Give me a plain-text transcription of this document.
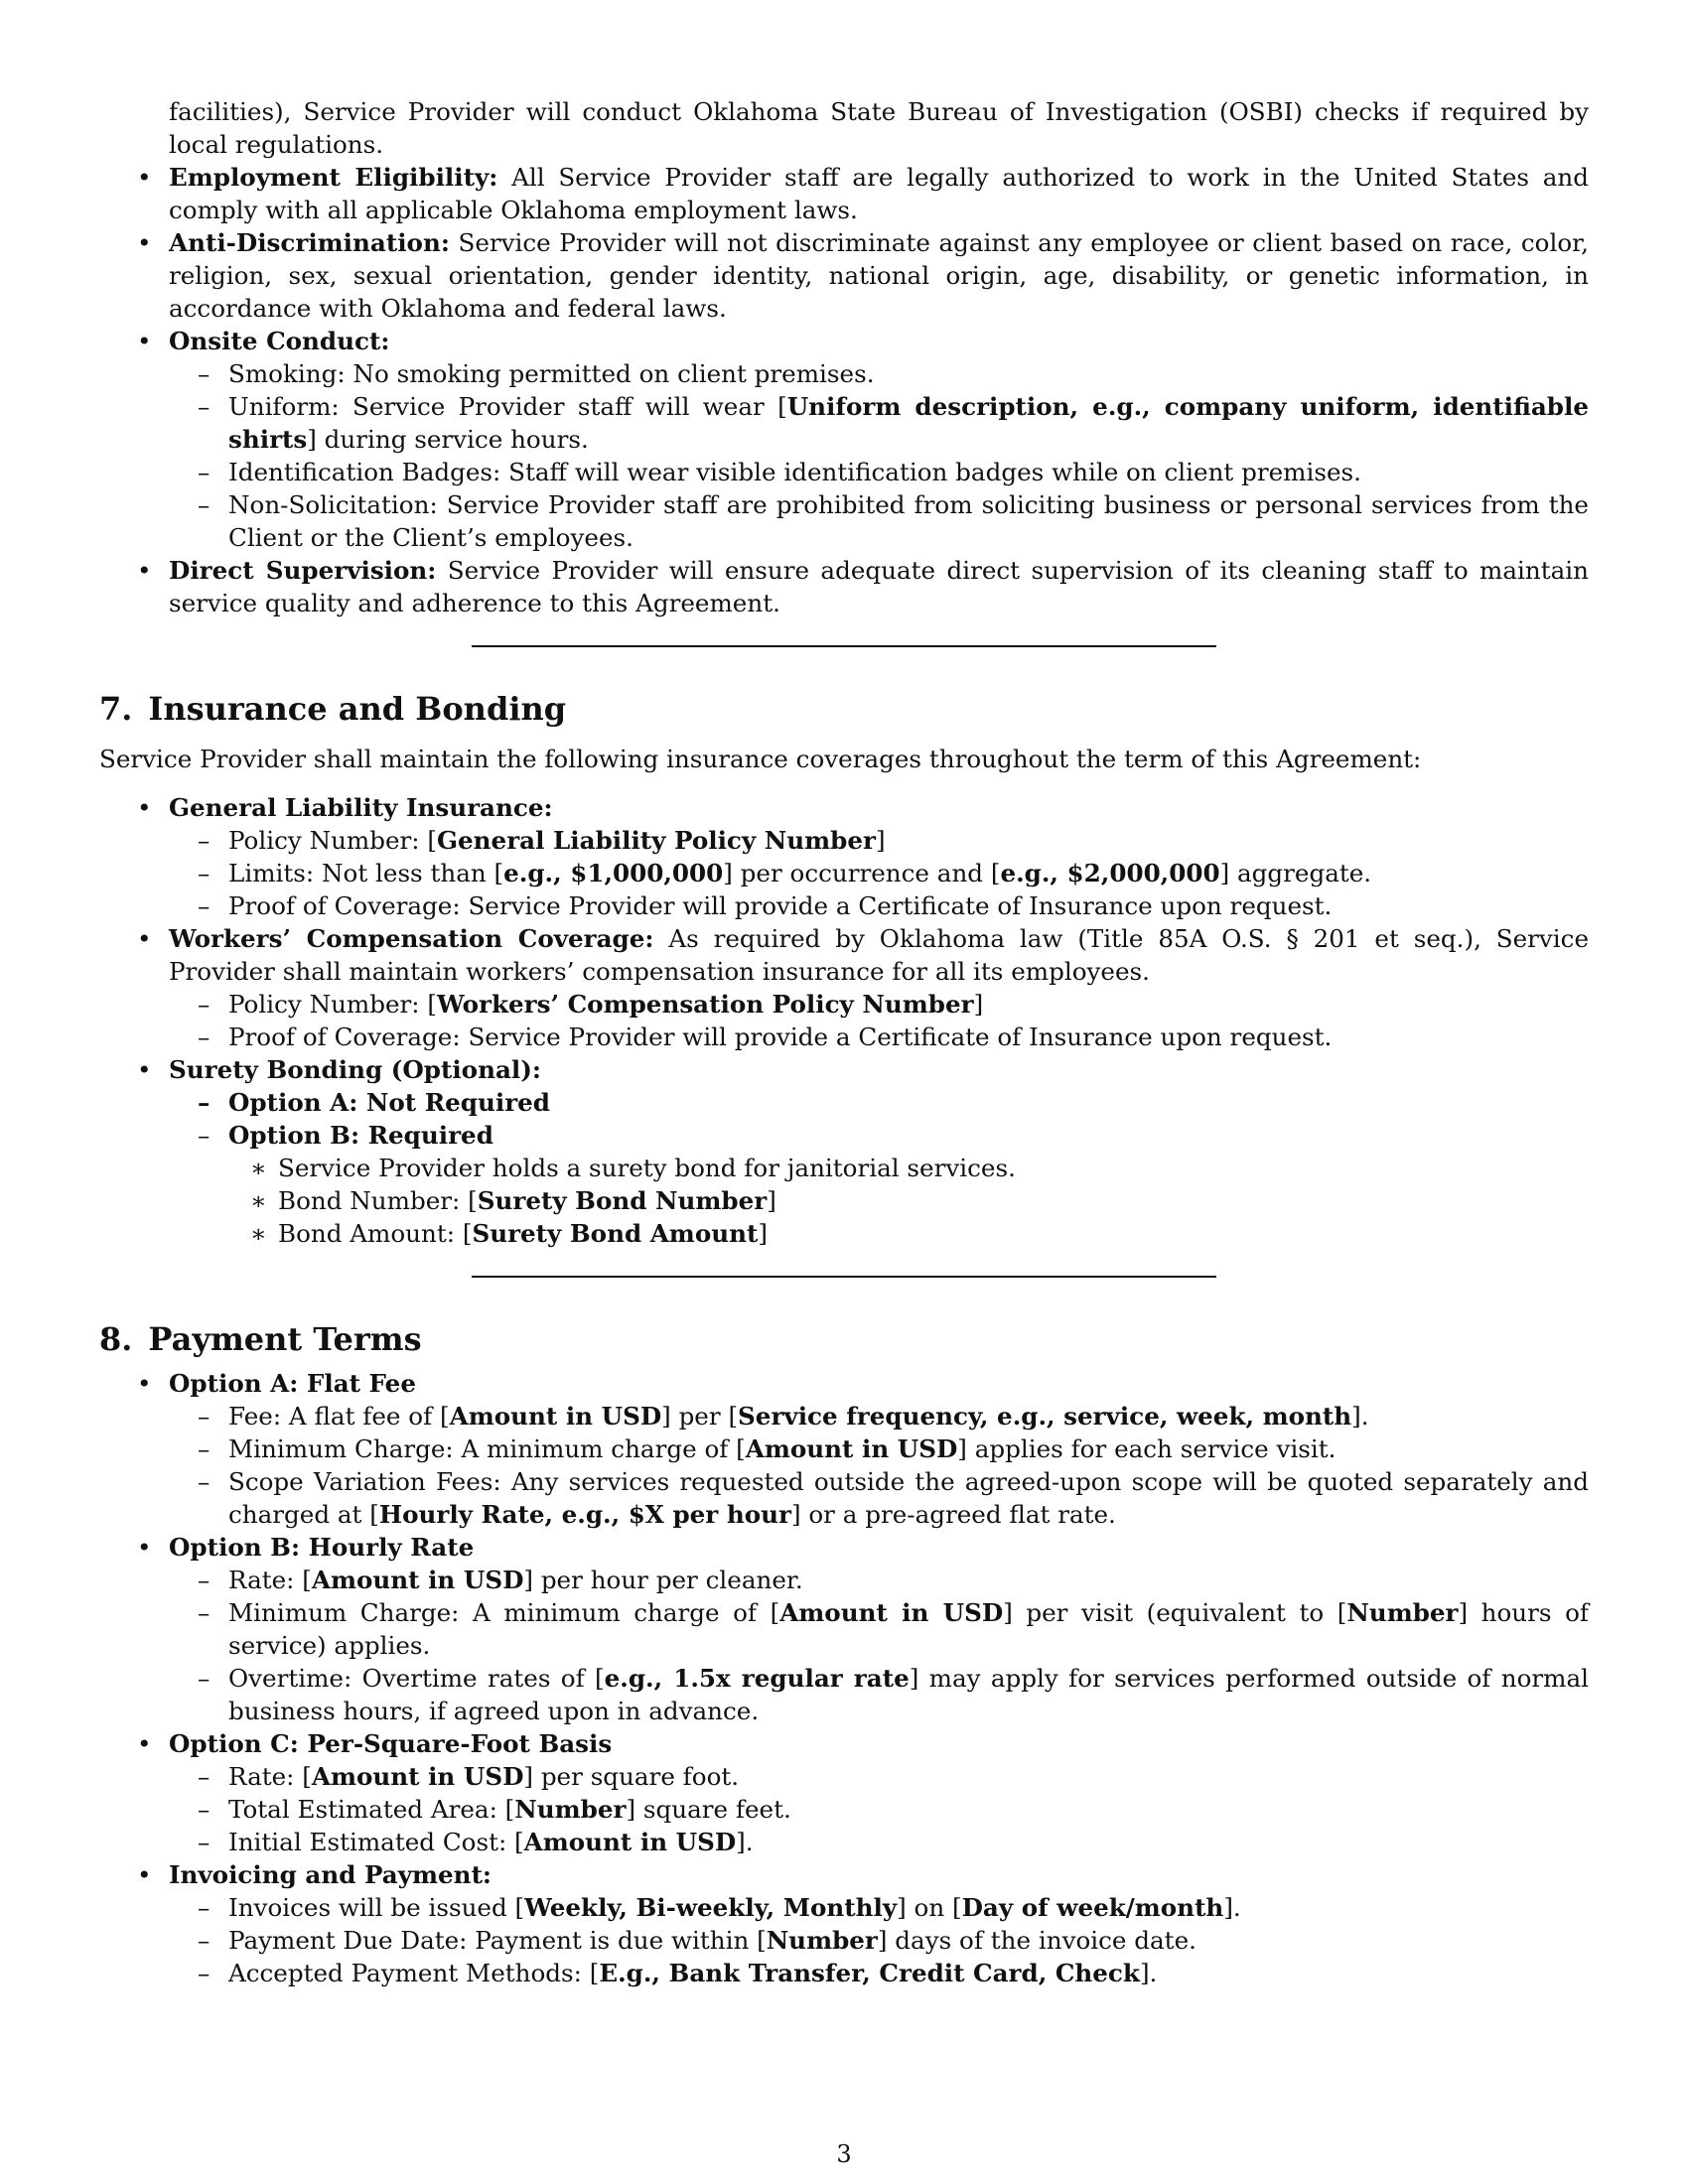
facilities), Service Provider will conduct Oklahoma State Bureau of Investigation (OSBI) checks if required by local regulations.

• Employment Eligibility: All Service Provider staff are legally authorized to work in the United States and comply with all applicable Oklahoma employment laws.
• Anti-Discrimination: Service Provider will not discriminate against any employee or client based on race, color, religion, sex, sexual orientation, gender identity, national origin, age, disability, or genetic information, in accordance with Oklahoma and federal laws.
• Onsite Conduct:
– Smoking: No smoking permitted on client premises.
– Uniform: Service Provider staff will wear [Uniform description, e.g., company uniform, identifiable shirts] during service hours.
– Identification Badges: Staff will wear visible identification badges while on client premises.
– Non-Solicitation: Service Provider staff are prohibited from soliciting business or personal services from the Client or the Client’s employees.
• Direct Supervision: Service Provider will ensure adequate direct supervision of its cleaning staff to maintain service quality and adherence to this Agreement.
7. Insurance and Bonding

Service Provider shall maintain the following insurance coverages throughout the term of this Agreement:

• General Liability Insurance:
– Policy Number: [General Liability Policy Number]
– Limits: Not less than [e.g., $1,000,000] per occurrence and [e.g., $2,000,000] aggregate.
– Proof of Coverage: Service Provider will provide a Certificate of Insurance upon request.
• Workers’ Compensation Coverage: As required by Oklahoma law (Title 85A O.S. § 201 et seq.), Service Provider shall maintain workers’ compensation insurance for all its employees.
– Policy Number: [Workers’ Compensation Policy Number]
– Proof of Coverage: Service Provider will provide a Certificate of Insurance upon request.
• Surety Bonding (Optional):
– Option A: Not Required
– Option B: Required
∗ Service Provider holds a surety bond for janitorial services.
∗ Bond Number: [Surety Bond Number]
∗ Bond Amount: [Surety Bond Amount]
8. Payment Terms
• Option A: Flat Fee
– Fee: A flat fee of [Amount in USD] per [Service frequency, e.g., service, week, month].
– Minimum Charge: A minimum charge of [Amount in USD] applies for each service visit.
– Scope Variation Fees: Any services requested outside the agreed-upon scope will be quoted separately and charged at [Hourly Rate, e.g., $X per hour] or a pre-agreed flat rate.
• Option B: Hourly Rate
– Rate: [Amount in USD] per hour per cleaner.
– Minimum Charge: A minimum charge of [Amount in USD] per visit (equivalent to [Number] hours of service) applies.
– Overtime: Overtime rates of [e.g., 1.5x regular rate] may apply for services performed outside of normal business hours, if agreed upon in advance.
• Option C: Per-Square-Foot Basis
– Rate: [Amount in USD] per square foot.
– Total Estimated Area: [Number] square feet.
– Initial Estimated Cost: [Amount in USD].
• Invoicing and Payment:
– Invoices will be issued [Weekly, Bi-weekly, Monthly] on [Day of week/month].
– Payment Due Date: Payment is due within [Number] days of the invoice date.
– Accepted Payment Methods: [E.g., Bank Transfer, Credit Card, Check].
3
